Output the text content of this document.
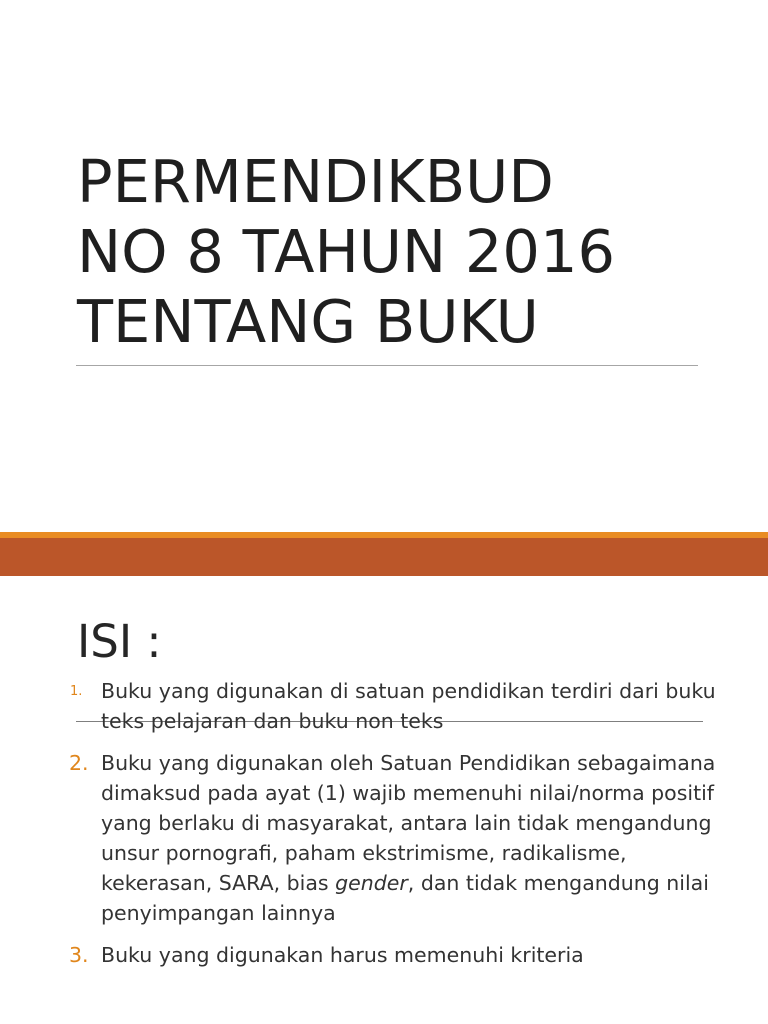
PERMENDIKBUD
NO 8 TAHUN 2016
TENTANG BUKU
ISI :
1. Buku yang digunakan di satuan pendidikan terdiri dari buku teks pelajaran dan buku non teks
2. Buku yang digunakan oleh Satuan Pendidikan sebagaimana dimaksud pada ayat (1) wajib memenuhi nilai/norma positif yang berlaku di masyarakat, antara lain tidak mengandung unsur pornografi, paham ekstrimisme, radikalisme, kekerasan, SARA, bias gender, dan tidak mengandung nilai penyimpangan lainnya
3. Buku yang digunakan harus memenuhi kriteria
